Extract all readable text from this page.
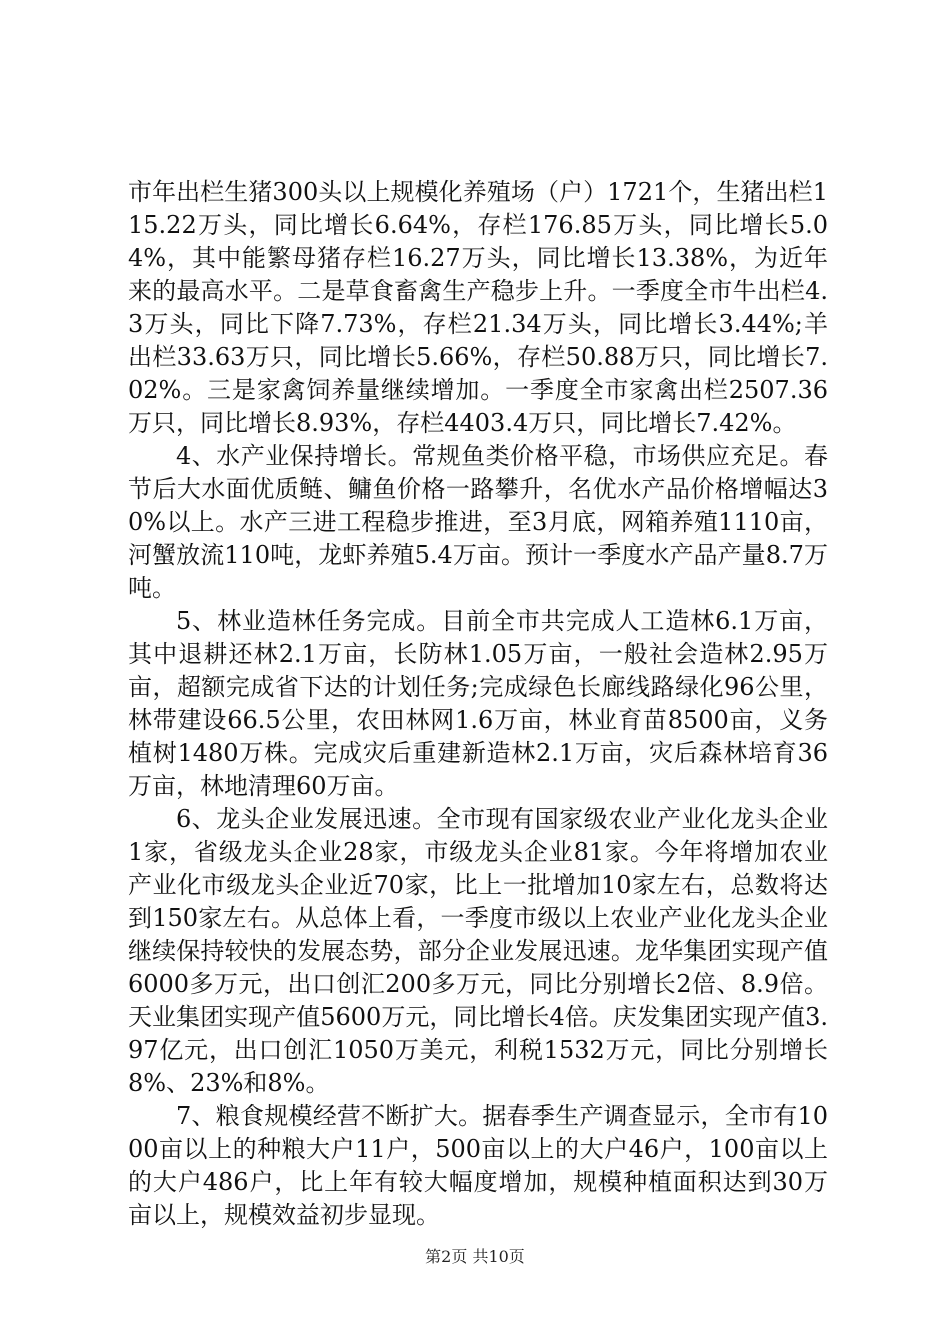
市年出栏生猪300头以上规模化养殖场（户）1721个，生猪出栏115.22万头，同比增长6.64%，存栏176.85万头，同比增长5.04%，其中能繁母猪存栏16.27万头，同比增长13.38%，为近年来的最高水平。二是草食畜禽生产稳步上升。一季度全市牛出栏4.3万头，同比下降7.73%，存栏21.34万头，同比增长3.44%;羊出栏33.63万只，同比增长5.66%，存栏50.88万只，同比增长7.02%。三是家禽饲养量继续增加。一季度全市家禽出栏2507.36万只，同比增长8.93%，存栏4403.4万只，同比增长7.42%。

4、水产业保持增长。常规鱼类价格平稳，市场供应充足。春节后大水面优质鲢、鳙鱼价格一路攀升，名优水产品价格增幅达30%以上。水产三进工程稳步推进，至3月底，网箱养殖1110亩，河蟹放流110吨，龙虾养殖5.4万亩。预计一季度水产品产量8.7万吨。

5、林业造林任务完成。目前全市共完成人工造林6.1万亩，其中退耕还林2.1万亩，长防林1.05万亩，一般社会造林2.95万亩，超额完成省下达的计划任务;完成绿色长廊线路绿化96公里，林带建设66.5公里，农田林网1.6万亩，林业育苗8500亩，义务植树1480万株。完成灾后重建新造林2.1万亩，灾后森林培育36万亩，林地清理60万亩。

6、龙头企业发展迅速。全市现有国家级农业产业化龙头企业1家，省级龙头企业28家，市级龙头企业81家。今年将增加农业产业化市级龙头企业近70家，比上一批增加10家左右，总数将达到150家左右。从总体上看，一季度市级以上农业产业化龙头企业继续保持较快的发展态势，部分企业发展迅速。龙华集团实现产值6000多万元，出口创汇200多万元，同比分别增长2倍、8.9倍。天业集团实现产值5600万元，同比增长4倍。庆发集团实现产值3.97亿元，出口创汇1050万美元，利税1532万元，同比分别增长8%、23%和8%。

7、粮食规模经营不断扩大。据春季生产调查显示，全市有1000亩以上的种粮大户11户，500亩以上的大户46户，100亩以上的大户486户，比上年有较大幅度增加，规模种植面积达到30万亩以上，规模效益初步显现。

第2页 共10页
